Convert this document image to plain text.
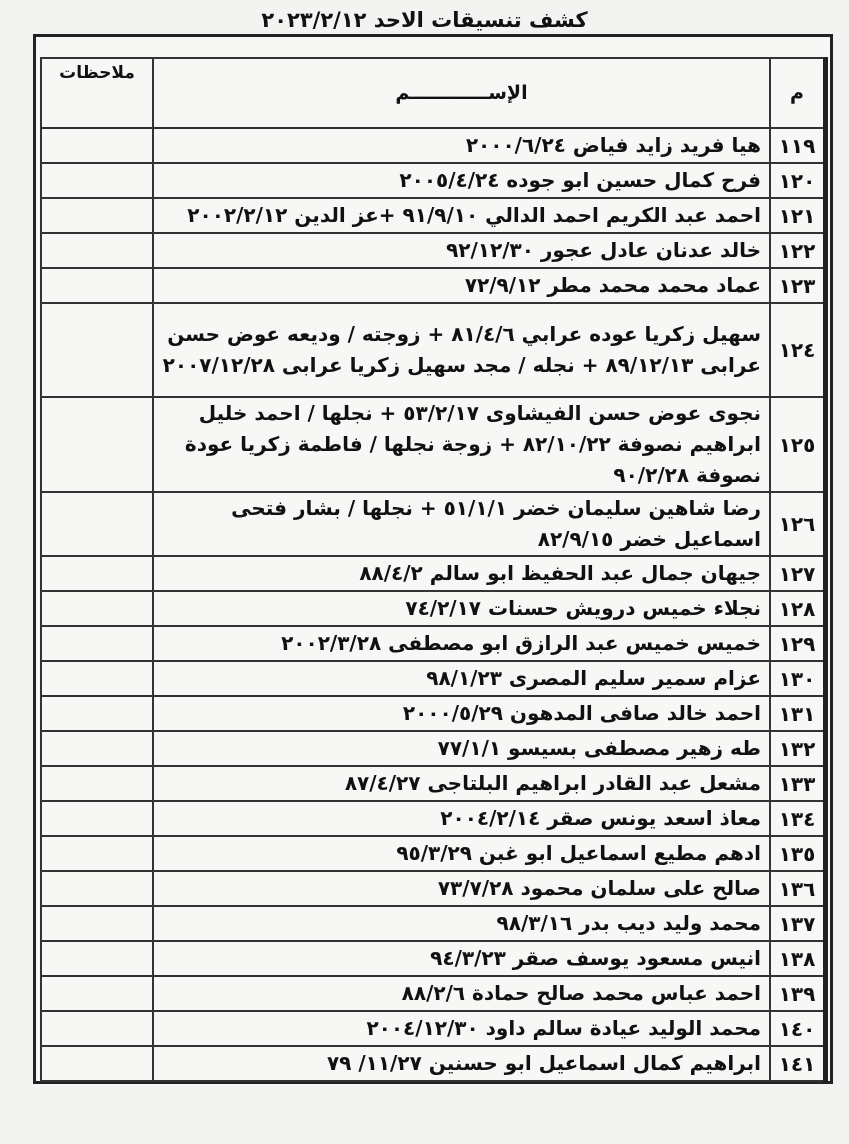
كشف تنسيقات الاحد ٢٠٢٣/٢/١٢
م	الإســــــــــــم	ملاحظات
١١٩	هيا فريد زايد فياض ٢٠٠٠/٦/٢٤	
١٢٠	فرح كمال حسين ابو جوده ٢٠٠٥/٤/٢٤	
١٢١	احمد عبد الكريم احمد الدالي ٩١/٩/١٠ +عز الدين ٢٠٠٢/٢/١٢	
١٢٢	خالد عدنان عادل عجور ٩٢/١٢/٣٠	
١٢٣	عماد محمد محمد مطر ٧٢/٩/١٢	
١٢٤	سهيل زكريا عوده عرابي ٨١/٤/٦ + زوجته / وديعه عوض حسن عرابى ٨٩/١٢/١٣ + نجله / مجد سهيل زكريا عرابى ٢٠٠٧/١٢/٢٨	
١٢٥	نجوى عوض حسن الفيشاوى ٥٣/٢/١٧ + نجلها / احمد خليل ابراهيم نصوفة ٨٢/١٠/٢٢ + زوجة نجلها / فاطمة زكريا عودة نصوفة ٩٠/٢/٢٨	
١٢٦	رضا شاهين سليمان خضر ٥١/١/١ + نجلها / بشار فتحى اسماعيل خضر ٨٢/٩/١٥	
١٢٧	جيهان جمال عبد الحفيظ ابو سالم ٨٨/٤/٢	
١٢٨	نجلاء خميس درويش حسنات ٧٤/٢/١٧	
١٢٩	خميس خميس عبد الرازق ابو مصطفى ٢٠٠٢/٣/٢٨	
١٣٠	عزام سمير سليم المصرى ٩٨/١/٢٣	
١٣١	احمد خالد صافى المدهون ٢٠٠٠/٥/٢٩	
١٣٢	طه زهير مصطفى بسيسو ٧٧/١/١	
١٣٣	مشعل عبد القادر ابراهيم البلتاجى ٨٧/٤/٢٧	
١٣٤	معاذ اسعد يونس صقر ٢٠٠٤/٢/١٤	
١٣٥	ادهم مطيع اسماعيل ابو غبن ٩٥/٣/٢٩	
١٣٦	صالح على سلمان محمود ٧٣/٧/٢٨	
١٣٧	محمد وليد ديب بدر ٩٨/٣/١٦	
١٣٨	انيس مسعود يوسف صقر ٩٤/٣/٢٣	
١٣٩	احمد عباس محمد صالح حمادة ٨٨/٢/٦	
١٤٠	محمد الوليد عيادة سالم داود ٢٠٠٤/١٢/٣٠	
١٤١	ابراهيم كمال اسماعيل ابو حسنين ١١/٢٧/ ٧٩	
